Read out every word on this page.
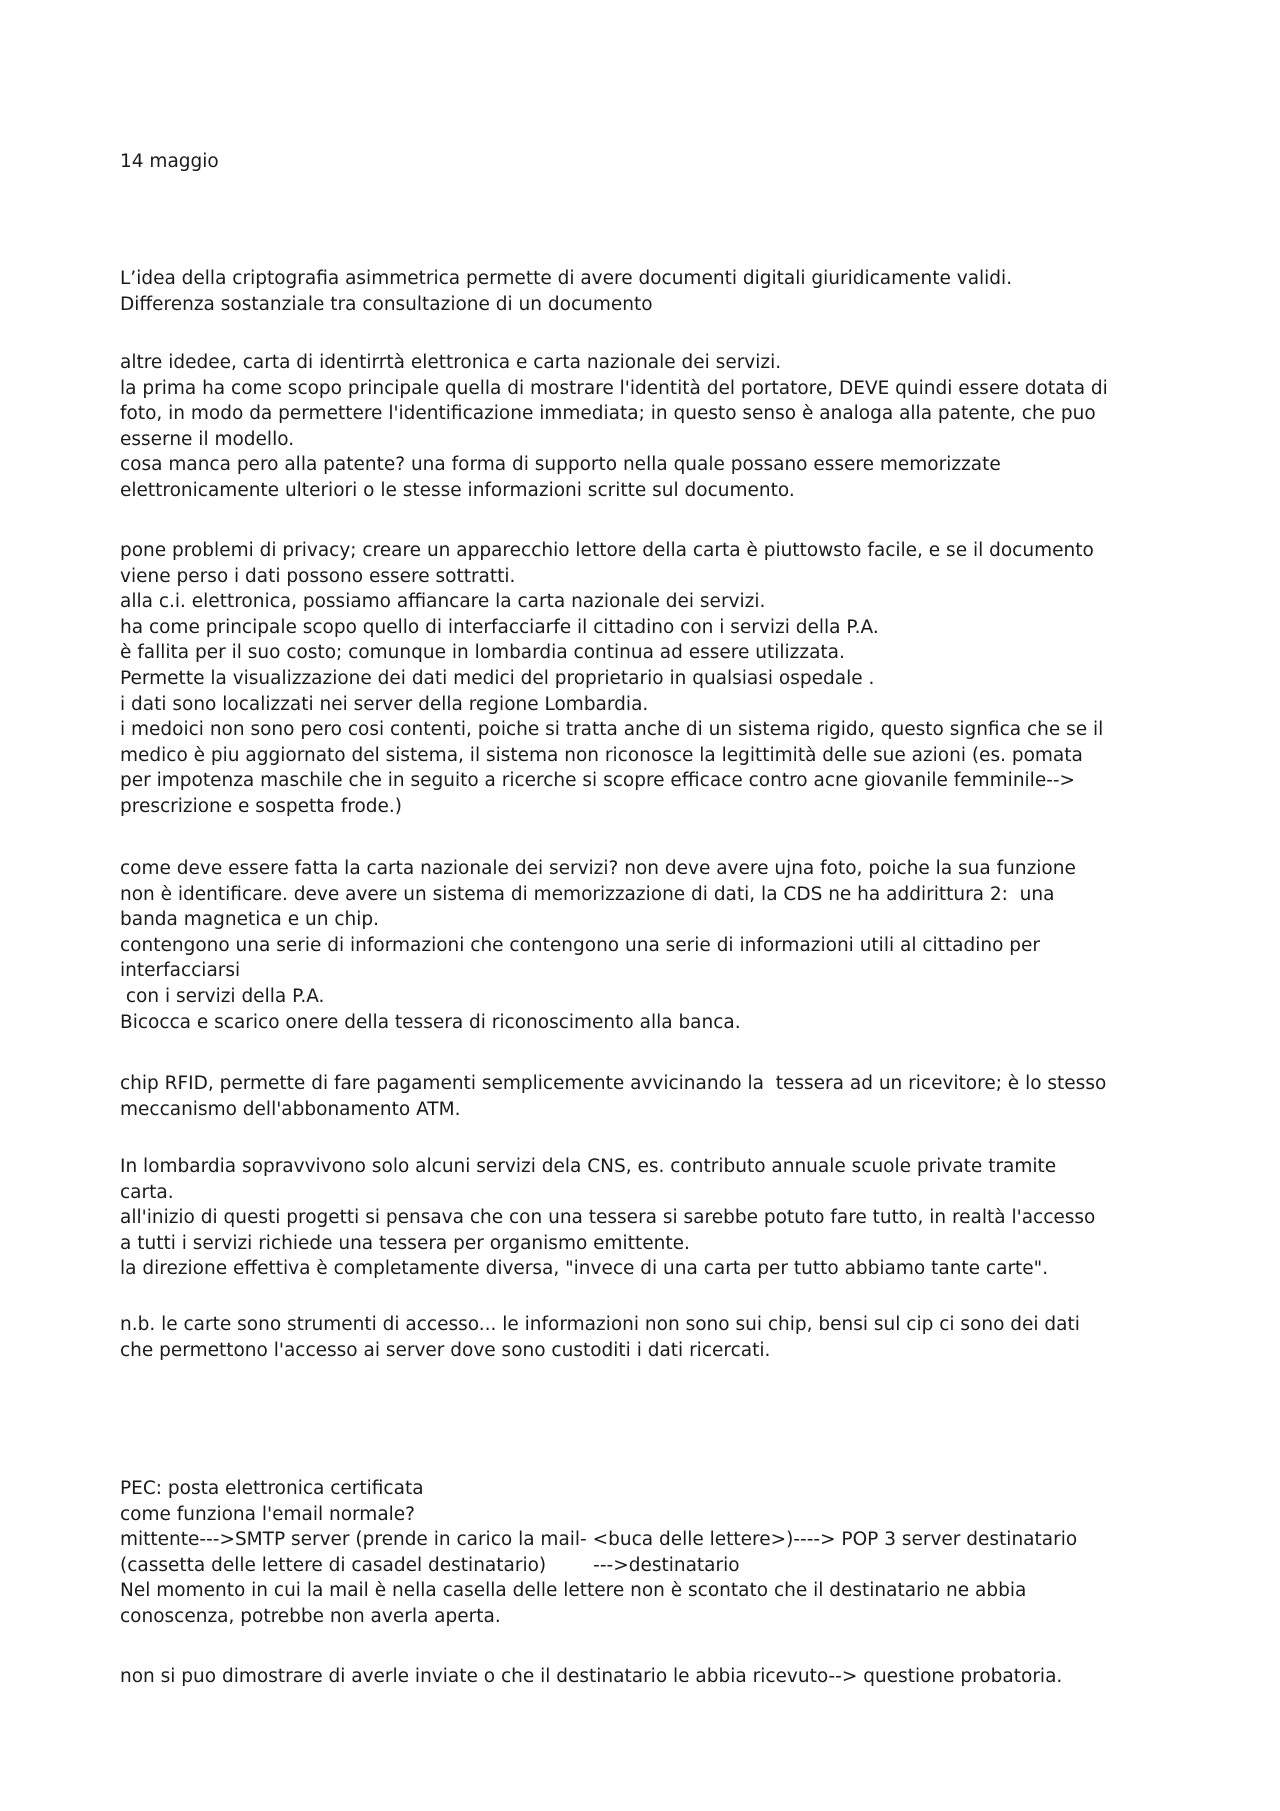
14 maggio
L’idea della criptografia asimmetrica permette di avere documenti digitali giuridicamente validi.
Differenza sostanziale tra consultazione di un documento
altre idedee, carta di identirrtà elettronica e carta nazionale dei servizi.
la prima ha come scopo principale quella di mostrare l'identità del portatore, DEVE quindi essere dotata di
foto, in modo da permettere l'identificazione immediata; in questo senso è analoga alla patente, che puo
esserne il modello.
cosa manca pero alla patente? una forma di supporto nella quale possano essere memorizzate
elettronicamente ulteriori o le stesse informazioni scritte sul documento.
pone problemi di privacy; creare un apparecchio lettore della carta è piuttowsto facile, e se il documento
viene perso i dati possono essere sottratti.
alla c.i. elettronica, possiamo affiancare la carta nazionale dei servizi.
ha come principale scopo quello di interfacciarfe il cittadino con i servizi della P.A.
è fallita per il suo costo; comunque in lombardia continua ad essere utilizzata.
Permette la visualizzazione dei dati medici del proprietario in qualsiasi ospedale .
i dati sono localizzati nei server della regione Lombardia.
i medoici non sono pero cosi contenti, poiche si tratta anche di un sistema rigido, questo signfica che se il
medico è piu aggiornato del sistema, il sistema non riconosce la legittimità delle sue azioni (es. pomata
per impotenza maschile che in seguito a ricerche si scopre efficace contro acne giovanile femminile-->
prescrizione e sospetta frode.)
come deve essere fatta la carta nazionale dei servizi? non deve avere ujna foto, poiche la sua funzione
non è identificare. deve avere un sistema di memorizzazione di dati, la CDS ne ha addirittura 2:  una
banda magnetica e un chip.
contengono una serie di informazioni che contengono una serie di informazioni utili al cittadino per
interfacciarsi
con i servizi della P.A.
Bicocca e scarico onere della tessera di riconoscimento alla banca.
chip RFID, permette di fare pagamenti semplicemente avvicinando la  tessera ad un ricevitore; è lo stesso
meccanismo dell'abbonamento ATM.
In lombardia sopravvivono solo alcuni servizi dela CNS, es. contributo annuale scuole private tramite
carta.
all'inizio di questi progetti si pensava che con una tessera si sarebbe potuto fare tutto, in realtà l'accesso
a tutti i servizi richiede una tessera per organismo emittente.
la direzione effettiva è completamente diversa, "invece di una carta per tutto abbiamo tante carte".
n.b. le carte sono strumenti di accesso... le informazioni non sono sui chip, bensi sul cip ci sono dei dati
che permettono l'accesso ai server dove sono custoditi i dati ricercati.
PEC: posta elettronica certificata
come funziona l'email normale?
mittente--->SMTP server (prende in carico la mail- <buca delle lettere>)----> POP 3 server destinatario
(cassetta delle lettere di casadel destinatario)        --->destinatario
Nel momento in cui la mail è nella casella delle lettere non è scontato che il destinatario ne abbia
conoscenza, potrebbe non averla aperta.
non si puo dimostrare di averle inviate o che il destinatario le abbia ricevuto--> questione probatoria.
